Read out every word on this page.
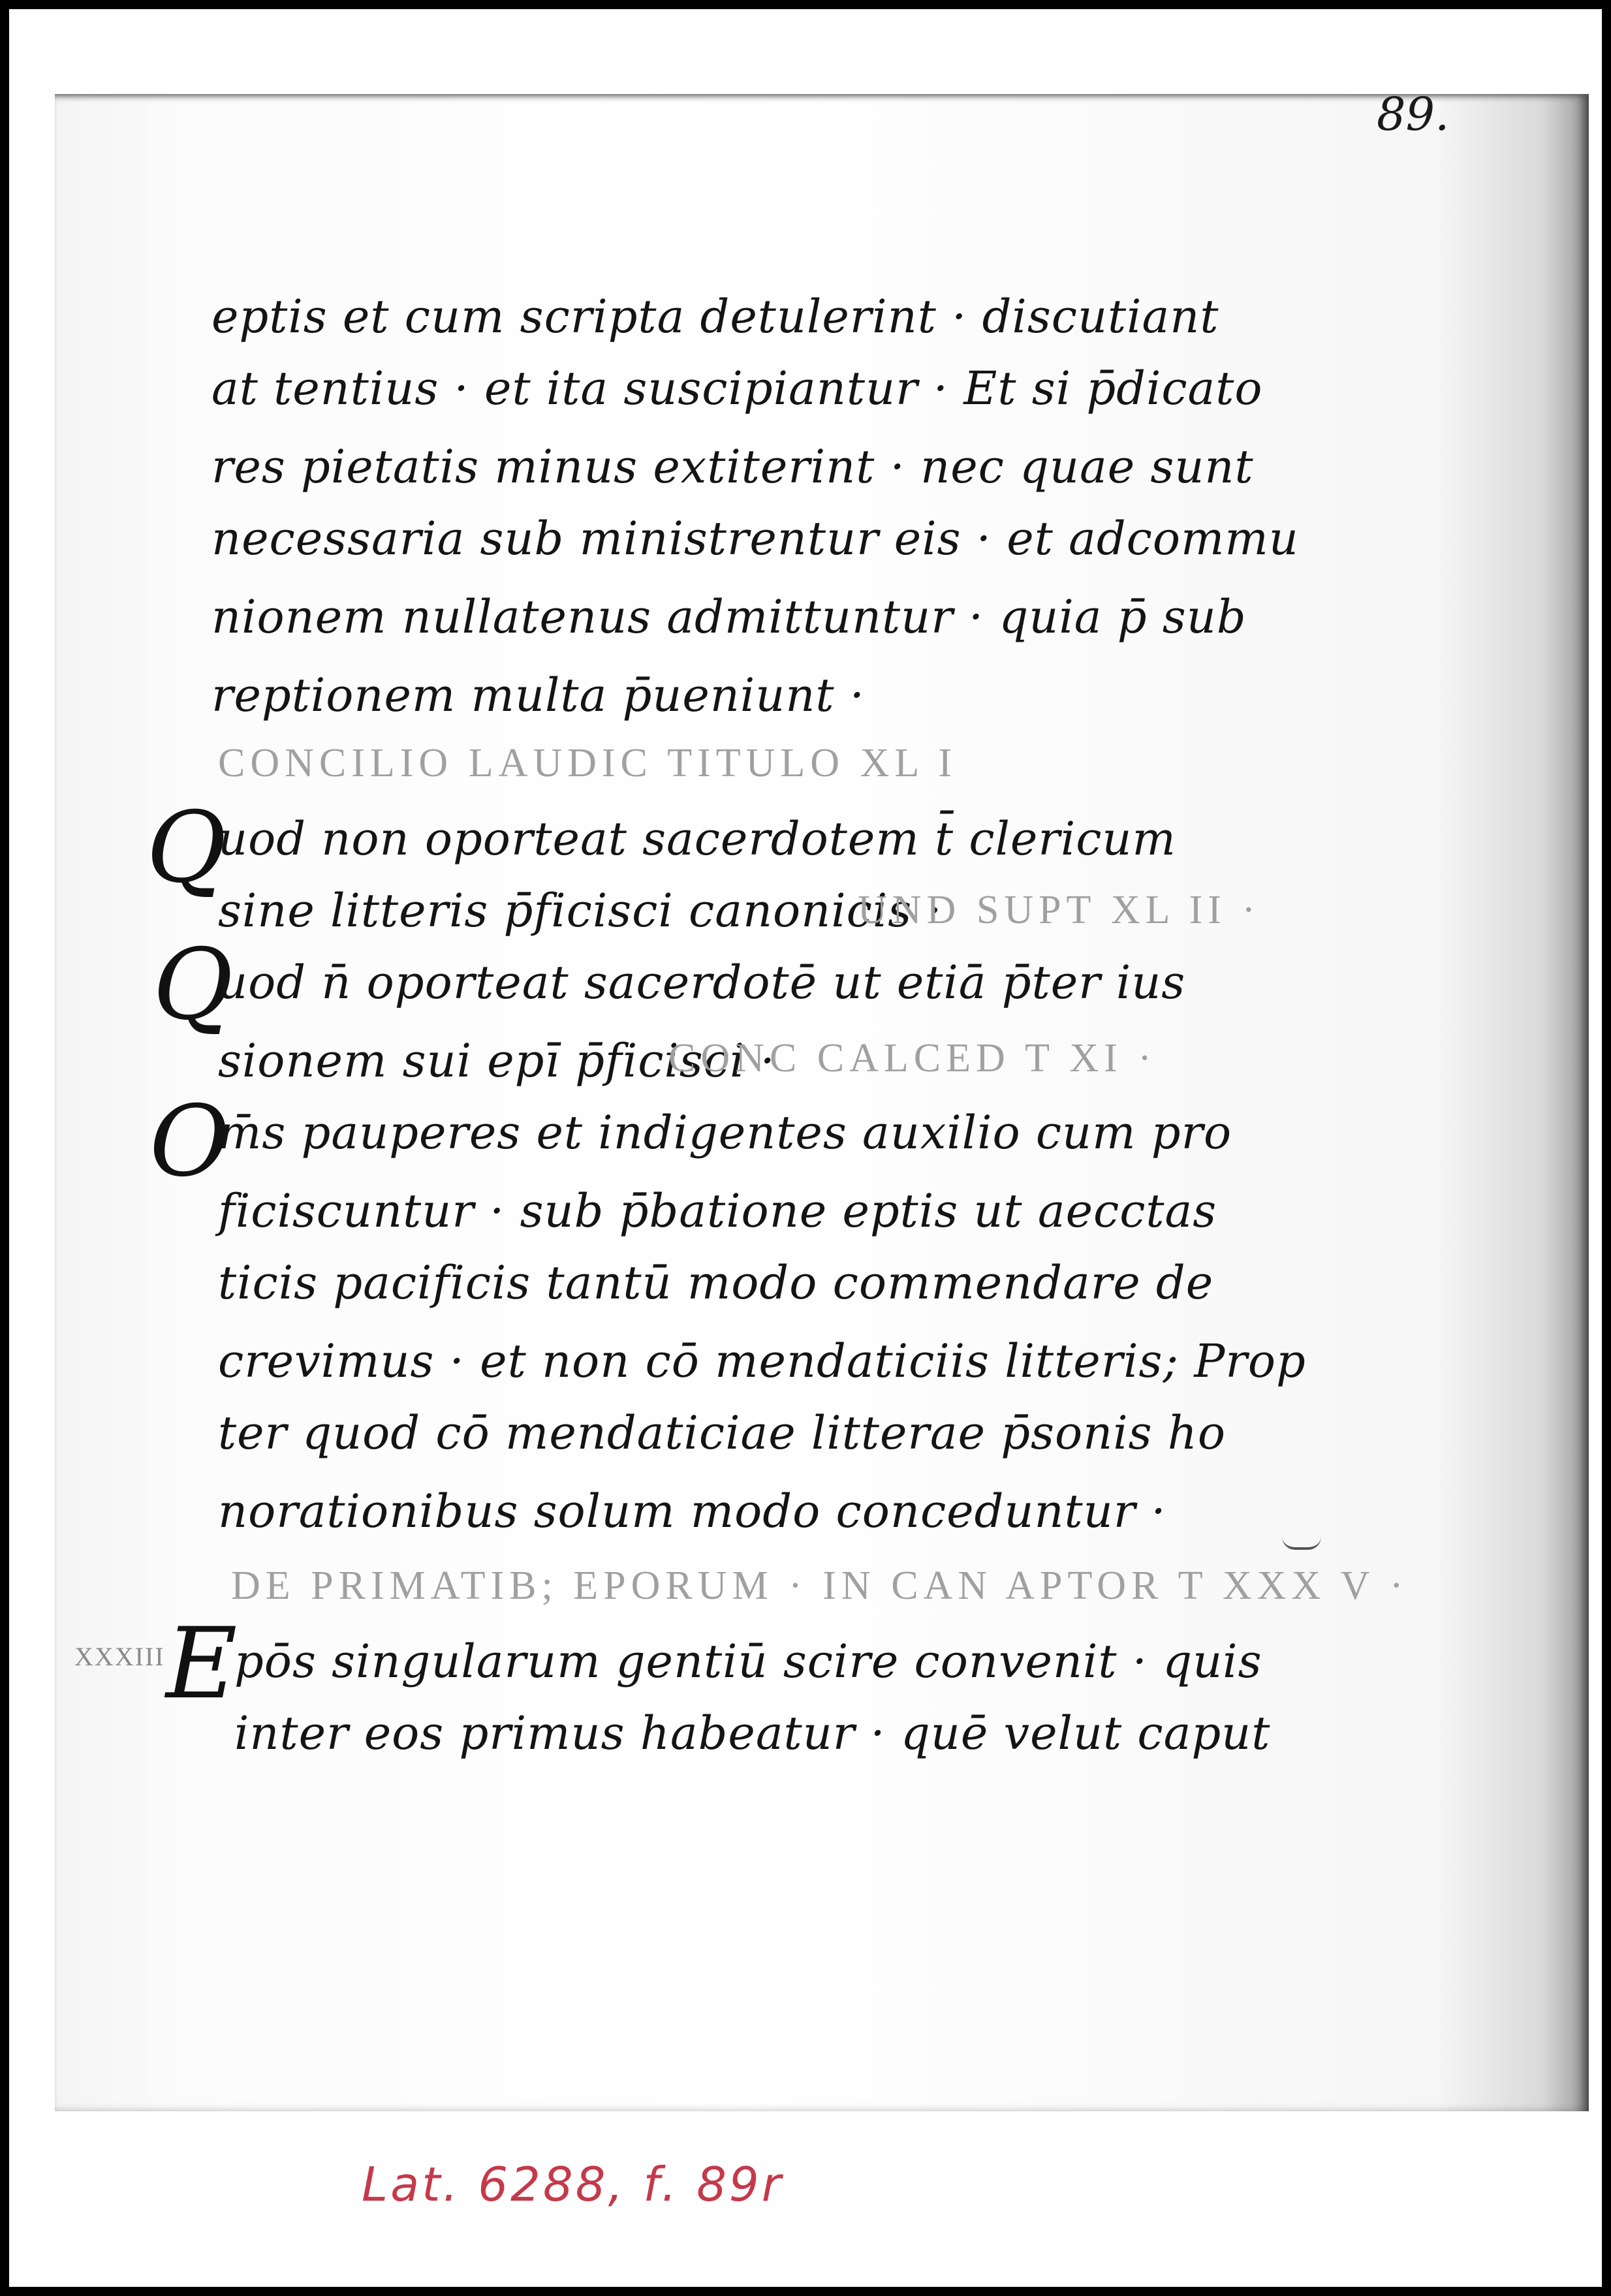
89.
eptis et cum scripta detulerint · discutiant
at tentius · et ita suscipiantur · Et si p̄dicato
res pietatis minus extiterint · nec quae sunt
necessaria sub ministrentur eis · et adcommu
nionem nullatenus admittuntur · quia p̄ sub
reptionem multa p̄ueniunt ·
CONCILIO LAUDIC TITULO XL I
Q
uod non oporteat sacerdotem t̄ clericum
sine litteris p̄ficisci canonicis ·
UND SUPT XL II ·
Q
uod n̄ oporteat sacerdotē ut etiā p̄ter ius
sionem sui epī p̄ficisci ·
CONC CALCED T XI ·
O
m̄s pauperes et indigentes auxilio cum pro
ficiscuntur · sub p̄batione eptis ut aecctas
ticis pacificis tantū modo commendare de
crevimus · et non cō mendaticiis litteris; Prop
ter quod cō mendaticiae litterae p̄sonis ho
norationibus solum modo conceduntur ·
DE PRIMATIB; EPORUM · IN CAN APTOR T XXX V ·
XXXIII E
pōs singularum gentiū scire convenit · quis
inter eos primus habeatur · quē velut caput
Lat. 6288, f. 89r
